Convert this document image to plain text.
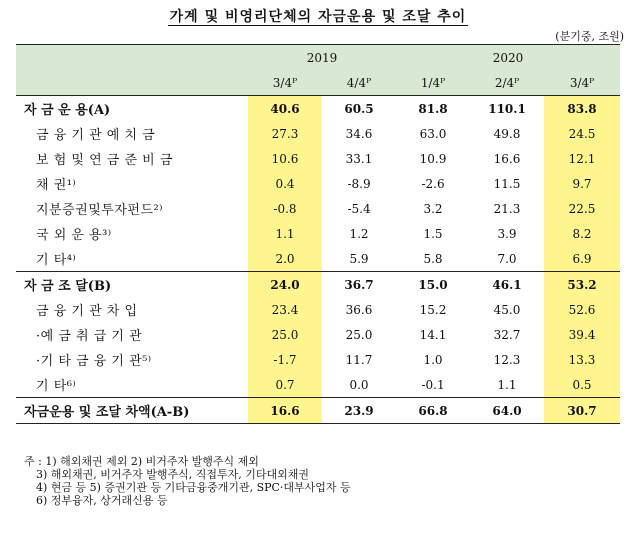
가계 및 비영리단체의 자금운용 및 조달 추이
(분기중, 조원)
	2019		2020		
	3/4ᴾ	4/4ᴾ	1/4ᴾ	2/4ᴾ	3/4ᴾ
자 금 운 용(A)	40.6	60.5	81.8	110.1	83.8
금 융 기 관 예 치 금	27.3	34.6	63.0	49.8	24.5
보 험 및 연 금 준 비 금	10.6	33.1	10.9	16.6	12.1
채 권¹⁾	0.4	-8.9	-2.6	11.5	9.7
지분증권및투자펀드²⁾	-0.8	-5.4	3.2	21.3	22.5
국 외 운 용³⁾	1.1	1.2	1.5	3.9	8.2
기 타⁴⁾	2.0	5.9	5.8	7.0	6.9
자 금 조 달(B)	24.0	36.7	15.0	46.1	53.2
금 융 기 관 차 입	23.4	36.6	15.2	45.0	52.6
·예 금 취 급 기 관	25.0	25.0	14.1	32.7	39.4
·기 타 금 융 기 관⁵⁾	-1.7	11.7	1.0	12.3	13.3
기 타⁶⁾	0.7	0.0	-0.1	1.1	0.5
자금운용 및 조달 차액(A-B)	16.6	23.9	66.8	64.0	30.7
주 : 1) 해외채권 제외 2) 비거주자 발행주식 제외
3) 해외채권, 비거주자 발행주식, 직접투자, 기타대외채권
4) 현금 등 5) 증권기관 등 기타금융중개기관, SPC·대부사업자 등
6) 정부융자, 상거래신용 등
